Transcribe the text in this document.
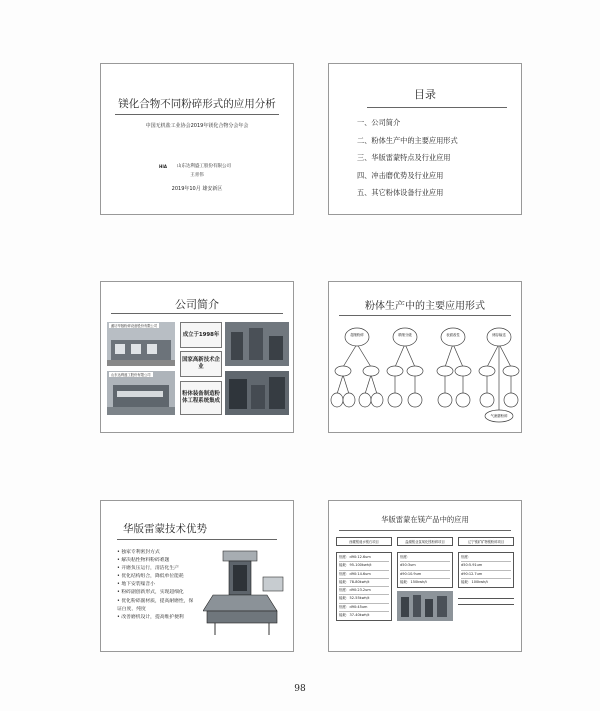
镁化合物不同粉碎形式的应用分析
中国无机盐工业协会2019年镁化合物分会年会
HIA 山东达利盛工股份有限公司
王青伟
2019年10月 雄安新区
目录
一、公司简介
二、粉体生产中的主要应用形式
三、华版雷蒙特点及行业应用
四、冲击磨优势及行业应用
五、其它粉体设备行业应用
公司简介
潍坊华版粉碎设备股份有限公司
山东达利盛工股份有限公司
成立于1998年
国家高新技术企业
粉体装备制造粉体工程系统集成
粉体生产中的主要应用形式
超细粉碎	精细分级	表面改性	储存输送
气流磨粉碎
华版雷蒙技术优势
• 独家专利密封方式
• 解决粘性物料粉碎难题
• 开磨负压运行，清洁化生产
• 优化结构组合，降低单位能耗
• 地下安装噪音小
• 粉碎副创新形式，实现超细化
• 优化粉碎副材质，提高耐磨性，保证白度、纯度
• 改善磨机设计，提高维护便利
华版雷蒙在镁产品中的应用
西藏镁迪水镁石项目
细度：d90:12.6um
能耗：95-100kwh/t
细度：d90:14.6um
能耗：78-80kwh/t
细度：d90:23.2um
能耗：52-55kwh/t
细度：d90:45um
能耗：37-40kwh/t
盐湖镁业氢氧化镁粉碎项目
细度：
d50:3um
d90:10.9um
能耗：150kwh/t
辽宁镁矿矿物镁粉碎项目
细度：
d50:5.91um
d90:12.7um
能耗：100kwh/t
98
